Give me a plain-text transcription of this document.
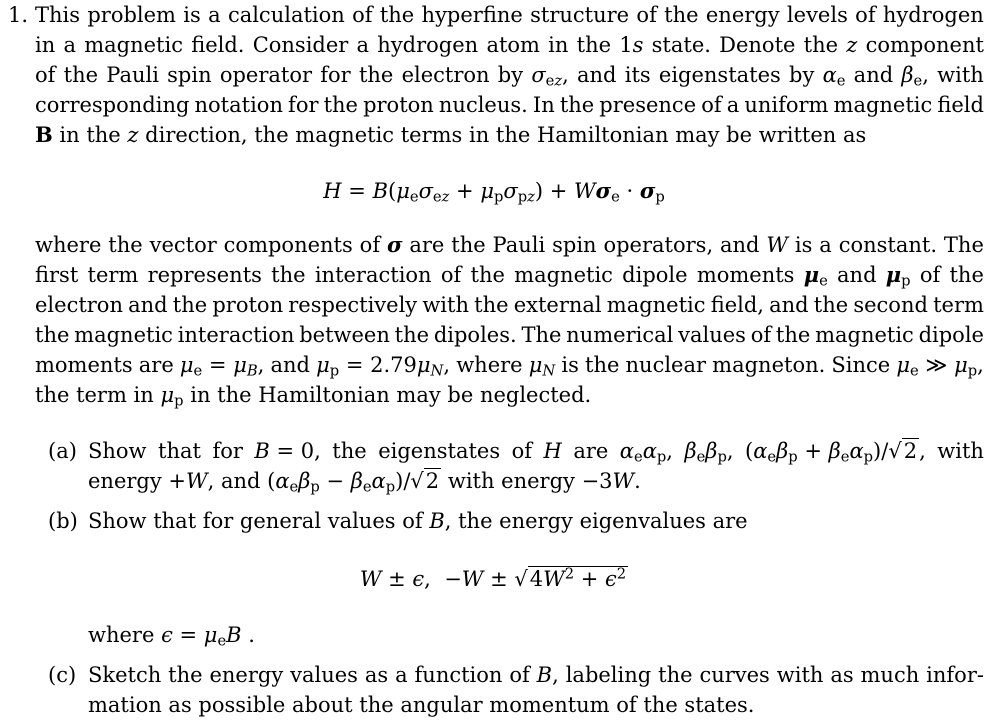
1. This problem is a calculation of the hyperfine structure of the energy levels of hydrogen
in a magnetic field. Consider a hydrogen atom in the 1s state. Denote the z component
of the Pauli spin operator for the electron by $\sigma_{ez}$, and its eigenstates by $\alpha_e$ and $\beta_e$, with
corresponding notation for the proton nucleus. In the presence of a uniform magnetic field
B in the z direction, the magnetic terms in the Hamiltonian may be written as
$H = B(\mu_e\sigma_{ez} + \mu_p\sigma_{pz}) + W\sigma_e \cdot \sigma_p$
where the vector components of σ are the Pauli spin operators, and W is a constant. The
first term represents the interaction of the magnetic dipole moments $\mu_e$ and $\mu_p$ of the
electron and the proton respectively with the external magnetic field, and the second term
the magnetic interaction between the dipoles. The numerical values of the magnetic dipole
moments are $\mu_e = \mu_B$, and $\mu_p = 2.79\mu_N$, where $\mu_N$ is the nuclear magneton. Since $\mu_e$ ≫ $\mu_p$,
the term in $\mu_p$ in the Hamiltonian may be neglected.
(a) Show that for B = 0, the eigenstates of H are $\alpha_e\alpha_p$, $\beta_e\beta_p$, $(\alpha_e\beta_p + \beta_e\alpha_p)/√2$, with
energy +W, and $(\alpha_e\beta_p - \beta_e\alpha_p)/√2$ with energy −3W.
(b) Show that for general values of B, the energy eigenvalues are
W ± ϵ,  $-W \pm √4W^2 + \epsilon^2$
where $\epsilon = \mu_eB$ .
(c) Sketch the energy values as a function of B, labeling the curves with as much infor-
mation as possible about the angular momentum of the states.
